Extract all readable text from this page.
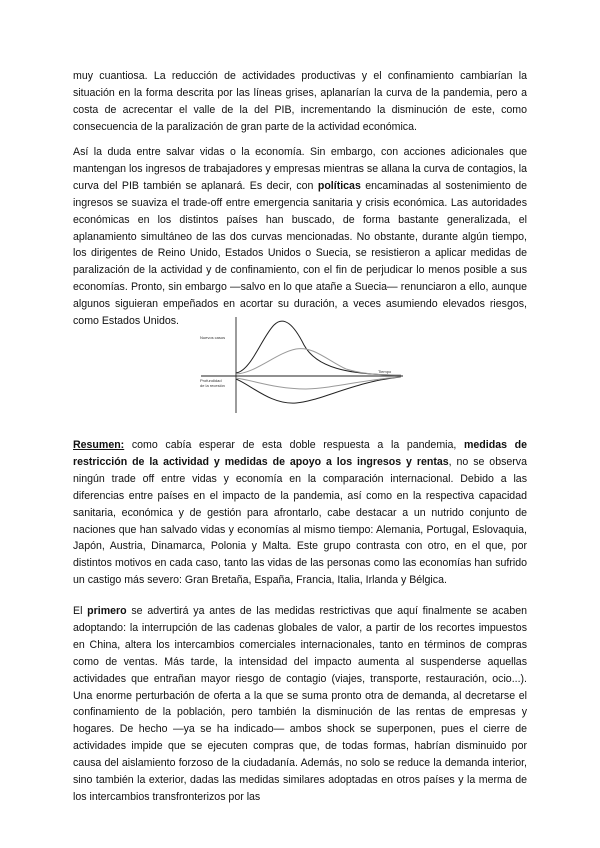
muy cuantiosa. La reducción de actividades productivas y el confinamiento cambiarían la situación en la forma descrita por las líneas grises, aplanarían la curva de la pandemia, pero a costa de acrecentar el valle de la del PIB, incrementando la disminución de este, como consecuencia de la paralización de gran parte de la actividad económica.

Así la duda entre salvar vidas o la economía. Sin embargo, con acciones adicionales que mantengan los ingresos de trabajadores y empresas mientras se allana la curva de contagios, la curva del PIB también se aplanará. Es decir, con políticas encaminadas al sostenimiento de ingresos se suaviza el trade-off entre emergencia sanitaria y crisis económica. Las autoridades económicas en los distintos países han buscado, de forma bastante generalizada, el aplanamiento simultáneo de las dos curvas mencionadas. No obstante, durante algún tiempo, los dirigentes de Reino Unido, Estados Unidos o Suecia, se resistieron a aplicar medidas de paralización de la actividad y de confinamiento, con el fin de perjudicar lo menos posible a sus economías. Pronto, sin embargo —salvo en lo que atañe a Suecia— renunciaron a ello, aunque algunos siguieran empeñados en acortar su duración, a veces asumiendo elevados riesgos, como Estados Unidos.

Resumen: como cabía esperar de esta doble respuesta a la pandemia, medidas de restricción de la actividad y medidas de apoyo a los ingresos y rentas, no se observa ningún trade off entre vidas y economía en la comparación internacional. Debido a las diferencias entre países en el impacto de la pandemia, así como en la respectiva capacidad sanitaria, económica y de gestión para afrontarlo, cabe destacar a un nutrido conjunto de naciones que han salvado vidas y economías al mismo tiempo: Alemania, Portugal, Eslovaquia, Japón, Austria, Dinamarca, Polonia y Malta. Este grupo contrasta con otro, en el que, por distintos motivos en cada caso, tanto las vidas de las personas como las economías han sufrido un castigo más severo: Gran Bretaña, España, Francia, Italia, Irlanda y Bélgica.

El primero se advertirá ya antes de las medidas restrictivas que aquí finalmente se acaben adoptando: la interrupción de las cadenas globales de valor, a partir de los recortes impuestos en China, altera los intercambios comerciales internacionales, tanto en términos de compras como de ventas. Más tarde, la intensidad del impacto aumenta al suspenderse aquellas actividades que entrañan mayor riesgo de contagio (viajes, transporte, restauración, ocio...). Una enorme perturbación de oferta a la que se suma pronto otra de demanda, al decretarse el confinamiento de la población, pero también la disminución de las rentas de empresas y hogares. De hecho —ya se ha indicado— ambos shock se superponen, pues el cierre de actividades impide que se ejecuten compras que, de todas formas, habrían disminuido por causa del aislamiento forzoso de la ciudadanía. Además, no solo se reduce la demanda interior, sino también la exterior, dadas las medidas similares adoptadas en otros países y la merma de los intercambios transfronterizos por las

Nuevos casos
Profundidad
de la recesión
Tiempo
